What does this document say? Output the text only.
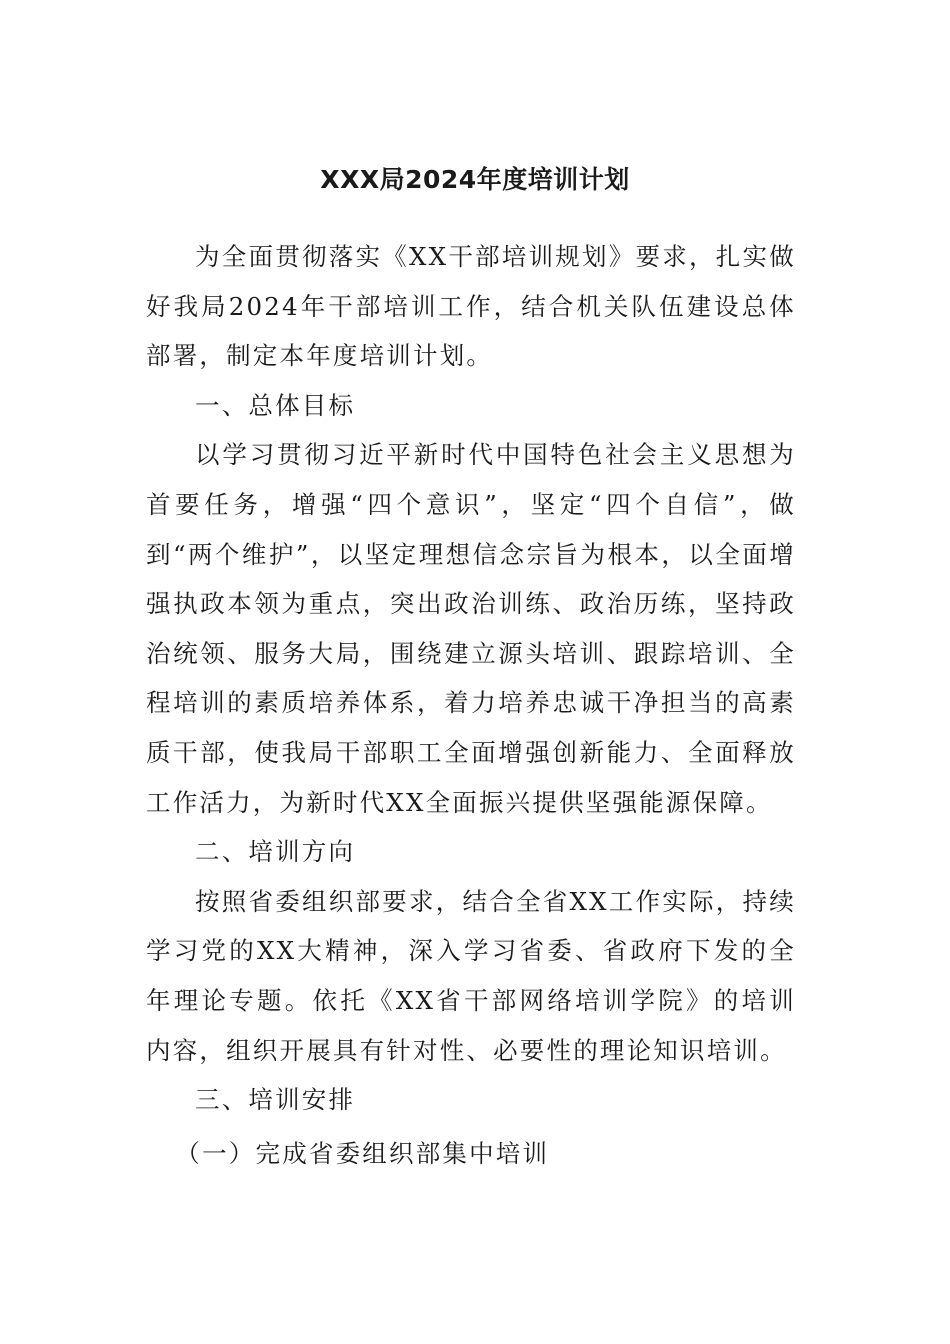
XXX局2024年度培训计划

为全面贯彻落实《XX干部培训规划》要求，扎实做好我局2024年干部培训工作，结合机关队伍建设总体部署，制定本年度培训计划。

一、总体目标

以学习贯彻习近平新时代中国特色社会主义思想为首要任务，增强“四个意识”，坚定“四个自信”，做到“两个维护”，以坚定理想信念宗旨为根本，以全面增强执政本领为重点，突出政治训练、政治历练，坚持政治统领、服务大局，围绕建立源头培训、跟踪培训、全程培训的素质培养体系，着力培养忠诚干净担当的高素质干部，使我局干部职工全面增强创新能力、全面释放工作活力，为新时代XX全面振兴提供坚强能源保障。

二、培训方向

按照省委组织部要求，结合全省XX工作实际，持续学习党的XX大精神，深入学习省委、省政府下发的全年理论专题。依托《XX省干部网络培训学院》的培训内容，组织开展具有针对性、必要性的理论知识培训。

三、培训安排

（一）完成省委组织部集中培训
